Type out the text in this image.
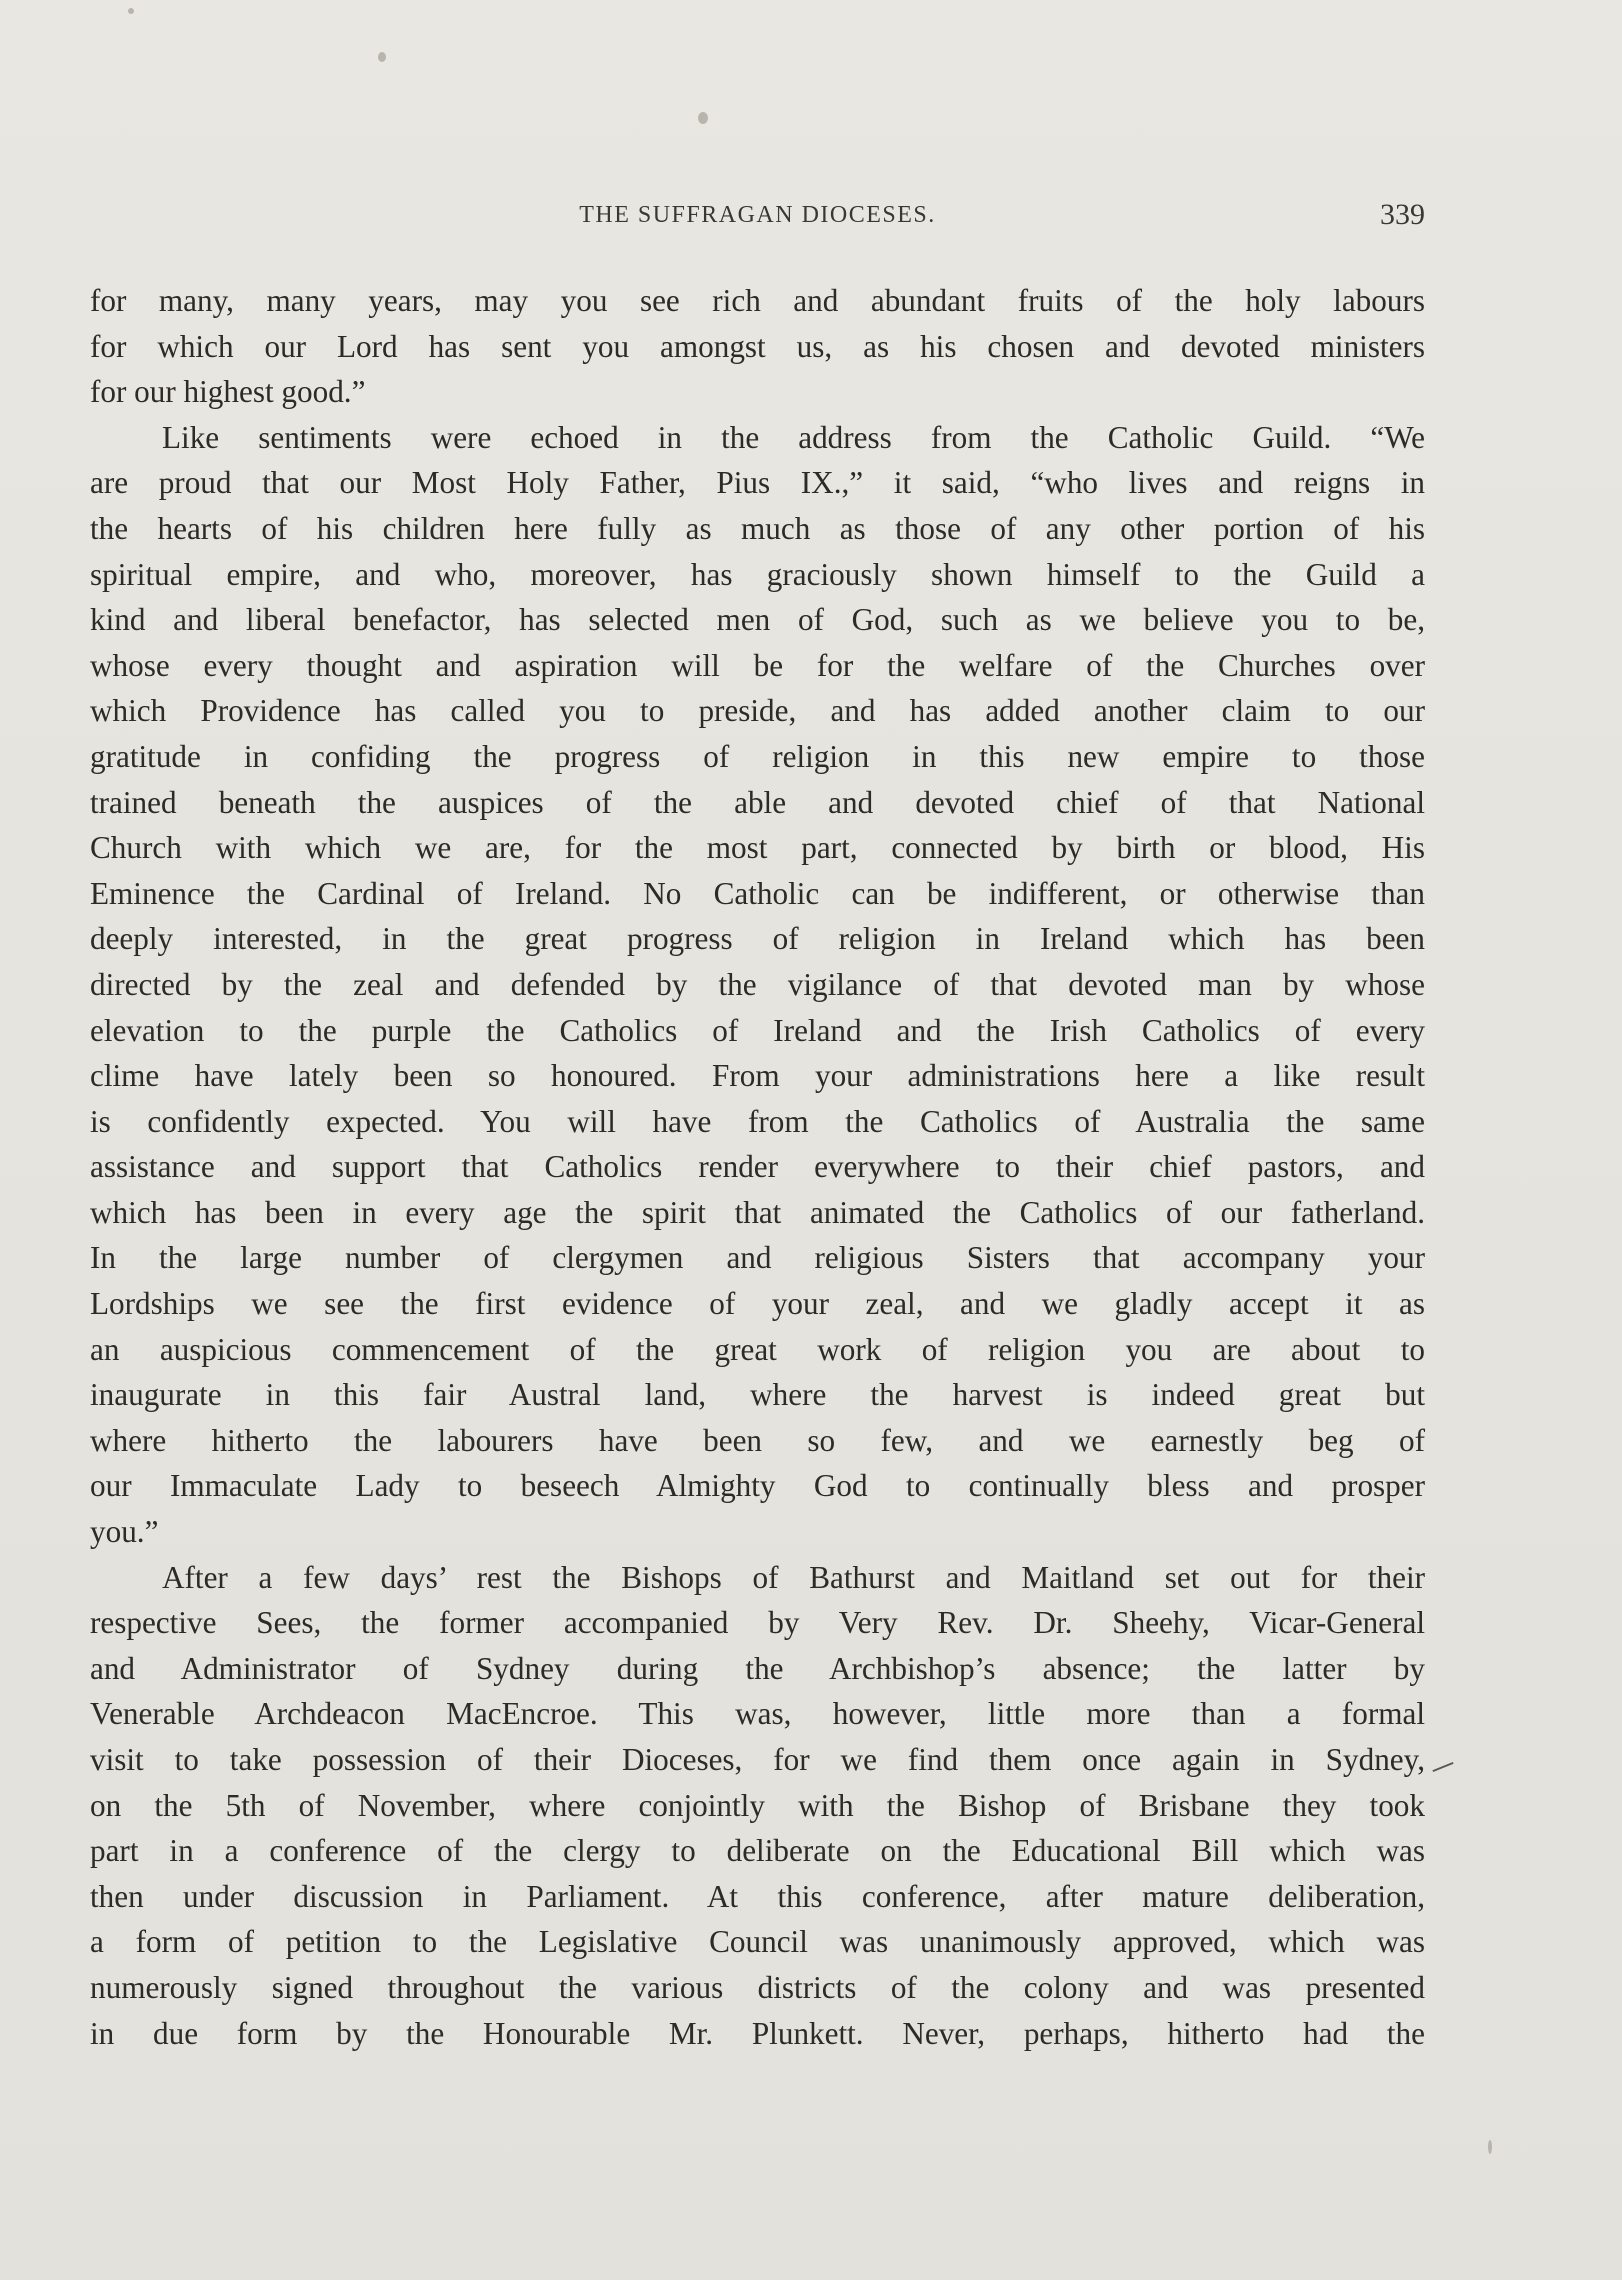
THE SUFFRAGAN DIOCESES.	339
for many, many years, may you see rich and abundant fruits of the holy labours
for which our Lord has sent you amongst us, as his chosen and devoted ministers
for our highest good.”
Like sentiments were echoed in the address from the Catholic Guild. “We
are proud that our Most Holy Father, Pius IX.,” it said, “who lives and reigns in
the hearts of his children here fully as much as those of any other portion of his
spiritual empire, and who, moreover, has graciously shown himself to the Guild a
kind and liberal benefactor, has selected men of God, such as we believe you to be,
whose every thought and aspiration will be for the welfare of the Churches over
which Providence has called you to preside, and has added another claim to our
gratitude in confiding the progress of religion in this new empire to those
trained beneath the auspices of the able and devoted chief of that National
Church with which we are, for the most part, connected by birth or blood, His
Eminence the Cardinal of Ireland. No Catholic can be indifferent, or otherwise than
deeply interested, in the great progress of religion in Ireland which has been
directed by the zeal and defended by the vigilance of that devoted man by whose
elevation to the purple the Catholics of Ireland and the Irish Catholics of every
clime have lately been so honoured. From your administrations here a like result
is confidently expected. You will have from the Catholics of Australia the same
assistance and support that Catholics render everywhere to their chief pastors, and
which has been in every age the spirit that animated the Catholics of our fatherland.
In the large number of clergymen and religious Sisters that accompany your
Lordships we see the first evidence of your zeal, and we gladly accept it as
an auspicious commencement of the great work of religion you are about to
inaugurate in this fair Austral land, where the harvest is indeed great but
where hitherto the labourers have been so few, and we earnestly beg of
our Immaculate Lady to beseech Almighty God to continually bless and prosper
you.”
After a few days’ rest the Bishops of Bathurst and Maitland set out for their
respective Sees, the former accompanied by Very Rev. Dr. Sheehy, Vicar-General
and Administrator of Sydney during the Archbishop’s absence; the latter by
Venerable Archdeacon MacEncroe. This was, however, little more than a formal
visit to take possession of their Dioceses, for we find them once again in Sydney,
on the 5th of November, where conjointly with the Bishop of Brisbane they took
part in a conference of the clergy to deliberate on the Educational Bill which was
then under discussion in Parliament. At this conference, after mature deliberation,
a form of petition to the Legislative Council was unanimously approved, which was
numerously signed throughout the various districts of the colony and was presented
in due form by the Honourable Mr. Plunkett. Never, perhaps, hitherto had the
